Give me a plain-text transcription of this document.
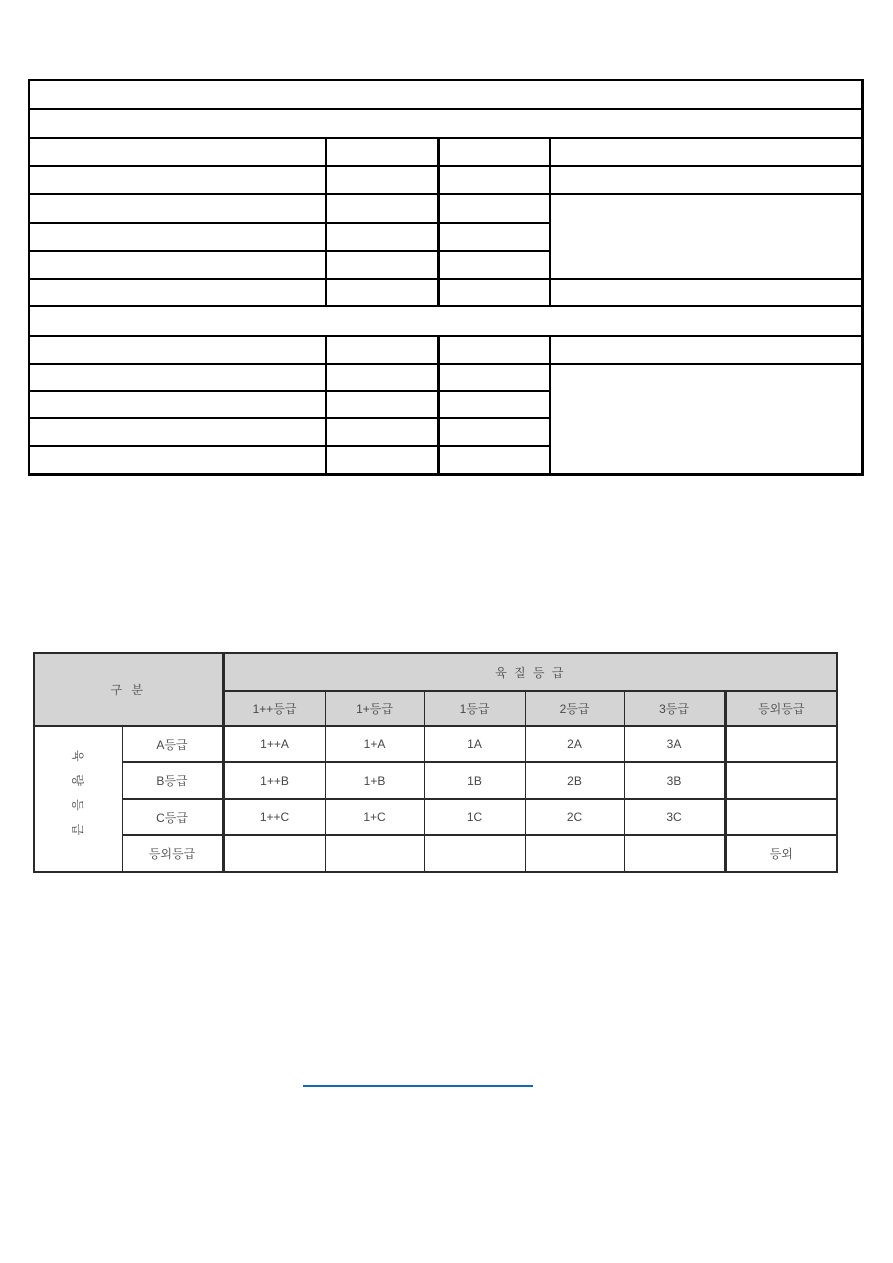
구 분		육 질 등 급					
		1++등급	1+등급	1등급	2등급	3등급	등외등급

육량등급	A등급	1++A	1+A	1A	2A	3A	
	B등급	1++B	1+B	1B	2B	3B	
	C등급	1++C	1+C	1C	2C	3C	
	등외등급						등외
